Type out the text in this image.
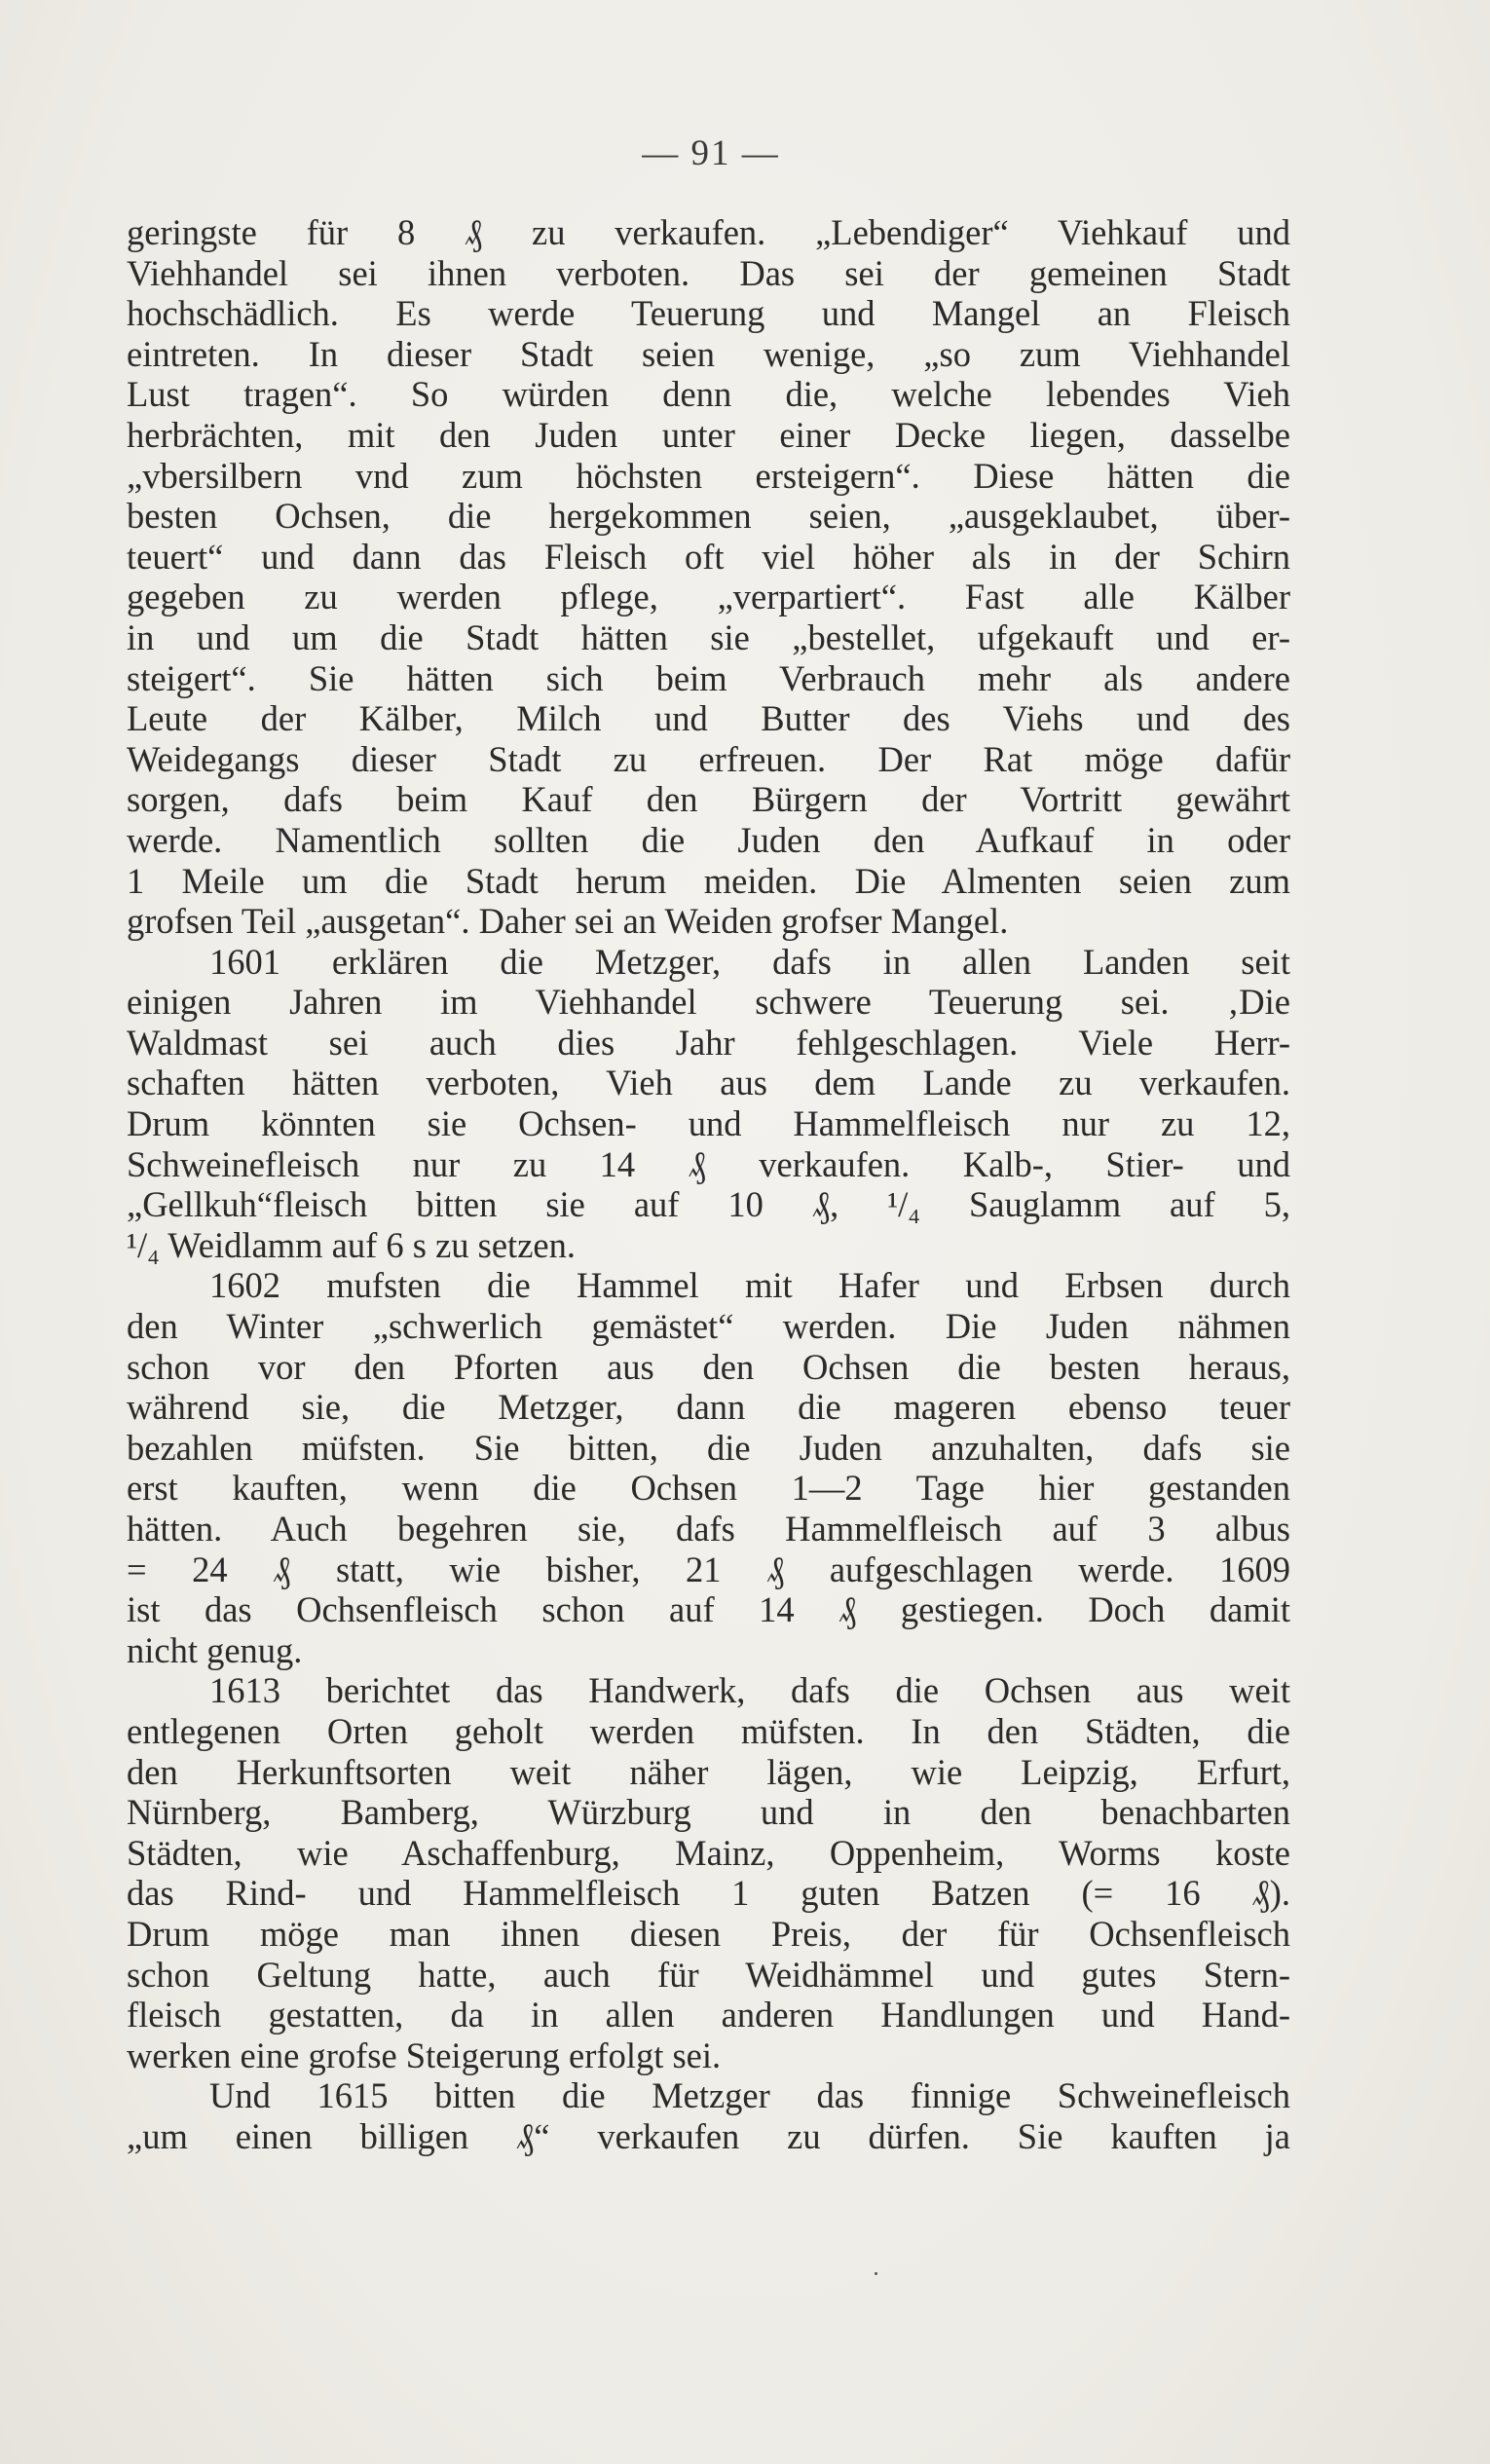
— 91 —
geringste für 8 ₰ zu verkaufen. „Lebendiger“ Viehkauf und
Viehhandel sei ihnen verboten. Das sei der gemeinen Stadt
hochschädlich. Es werde Teuerung und Mangel an Fleisch
eintreten. In dieser Stadt seien wenige, „so zum Viehhandel
Lust tragen“. So würden denn die, welche lebendes Vieh
herbrächten, mit den Juden unter einer Decke liegen, dasselbe
„vbersilbern vnd zum höchsten ersteigern“. Diese hätten die
besten Ochsen, die hergekommen seien, „ausgeklaubet, über-
teuert“ und dann das Fleisch oft viel höher als in der Schirn
gegeben zu werden pflege, „verpartiert“. Fast alle Kälber
in und um die Stadt hätten sie „bestellet, ufgekauft und er-
steigert“. Sie hätten sich beim Verbrauch mehr als andere
Leute der Kälber, Milch und Butter des Viehs und des
Weidegangs dieser Stadt zu erfreuen. Der Rat möge dafür
sorgen, dafs beim Kauf den Bürgern der Vortritt gewährt
werde. Namentlich sollten die Juden den Aufkauf in oder
1 Meile um die Stadt herum meiden. Die Almenten seien zum
grofsen Teil „ausgetan“. Daher sei an Weiden grofser Mangel.
1601 erklären die Metzger, dafs in allen Landen seit
einigen Jahren im Viehhandel schwere Teuerung sei. ‚Die
Waldmast sei auch dies Jahr fehlgeschlagen. Viele Herr-
schaften hätten verboten, Vieh aus dem Lande zu verkaufen.
Drum könnten sie Ochsen- und Hammelfleisch nur zu 12,
Schweinefleisch nur zu 14 ₰ verkaufen. Kalb-, Stier- und
„Gellkuh“fleisch bitten sie auf 10 ₰, ¹/₄ Sauglamm auf 5,
¹/₄ Weidlamm auf 6 s zu setzen.
1602 mufsten die Hammel mit Hafer und Erbsen durch
den Winter „schwerlich gemästet“ werden. Die Juden nähmen
schon vor den Pforten aus den Ochsen die besten heraus,
während sie, die Metzger, dann die mageren ebenso teuer
bezahlen müfsten. Sie bitten, die Juden anzuhalten, dafs sie
erst kauften, wenn die Ochsen 1—2 Tage hier gestanden
hätten. Auch begehren sie, dafs Hammelfleisch auf 3 albus
= 24 ₰ statt, wie bisher, 21 ₰ aufgeschlagen werde. 1609
ist das Ochsenfleisch schon auf 14 ₰ gestiegen. Doch damit
nicht genug.
1613 berichtet das Handwerk, dafs die Ochsen aus weit
entlegenen Orten geholt werden müfsten. In den Städten, die
den Herkunftsorten weit näher lägen, wie Leipzig, Erfurt,
Nürnberg, Bamberg, Würzburg und in den benachbarten
Städten, wie Aschaffenburg, Mainz, Oppenheim, Worms koste
das Rind- und Hammelfleisch 1 guten Batzen (= 16 ₰).
Drum möge man ihnen diesen Preis, der für Ochsenfleisch
schon Geltung hatte, auch für Weidhämmel und gutes Stern-
fleisch gestatten, da in allen anderen Handlungen und Hand-
werken eine grofse Steigerung erfolgt sei.
Und 1615 bitten die Metzger das finnige Schweinefleisch
„um einen billigen ₰“ verkaufen zu dürfen. Sie kauften ja
